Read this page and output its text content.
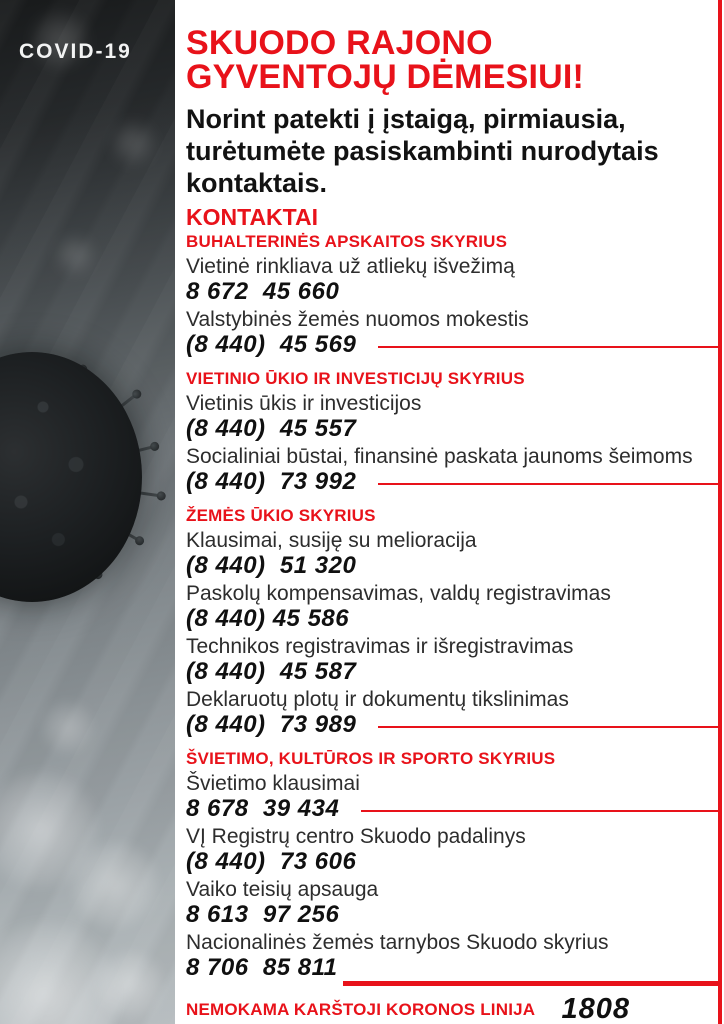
COVID-19 SKUODO RAJONO
GYVENTOJŲ DĖMESIUI!
Norint patekti į įstaigą, pirmiausia, turėtumėte pasiskambinti nurodytais kontaktais.
KONTAKTAI
BUHALTERINĖS APSKAITOS SKYRIUS
Vietinė rinkliava už atliekų išvežimą
8 672  45 660
Valstybinės žemės nuomos mokestis
(8 440)  45 569
VIETINIO ŪKIO IR INVESTICIJŲ SKYRIUS
Vietinis ūkis ir investicijos
(8 440)  45 557
Socialiniai būstai, finansinė paskata jaunoms šeimoms
(8 440)  73 992
ŽEMĖS ŪKIO SKYRIUS
Klausimai, susiję su melioracija
(8 440)  51 320
Paskolų kompensavimas, valdų registravimas
(8 440) 45 586
Technikos registravimas ir išregistravimas
(8 440)  45 587
Deklaruotų plotų ir dokumentų tikslinimas
(8 440)  73 989
ŠVIETIMO, KULTŪROS IR SPORTO SKYRIUS
Švietimo klausimai
8 678  39 434
VĮ Registrų centro Skuodo padalinys
(8 440)  73 606
Vaiko teisių apsauga
8 613  97 256
Nacionalinės žemės tarnybos Skuodo skyrius
8 706  85 811
NEMOKAMA KARŠTOJI KORONOS LINIJA 1808
